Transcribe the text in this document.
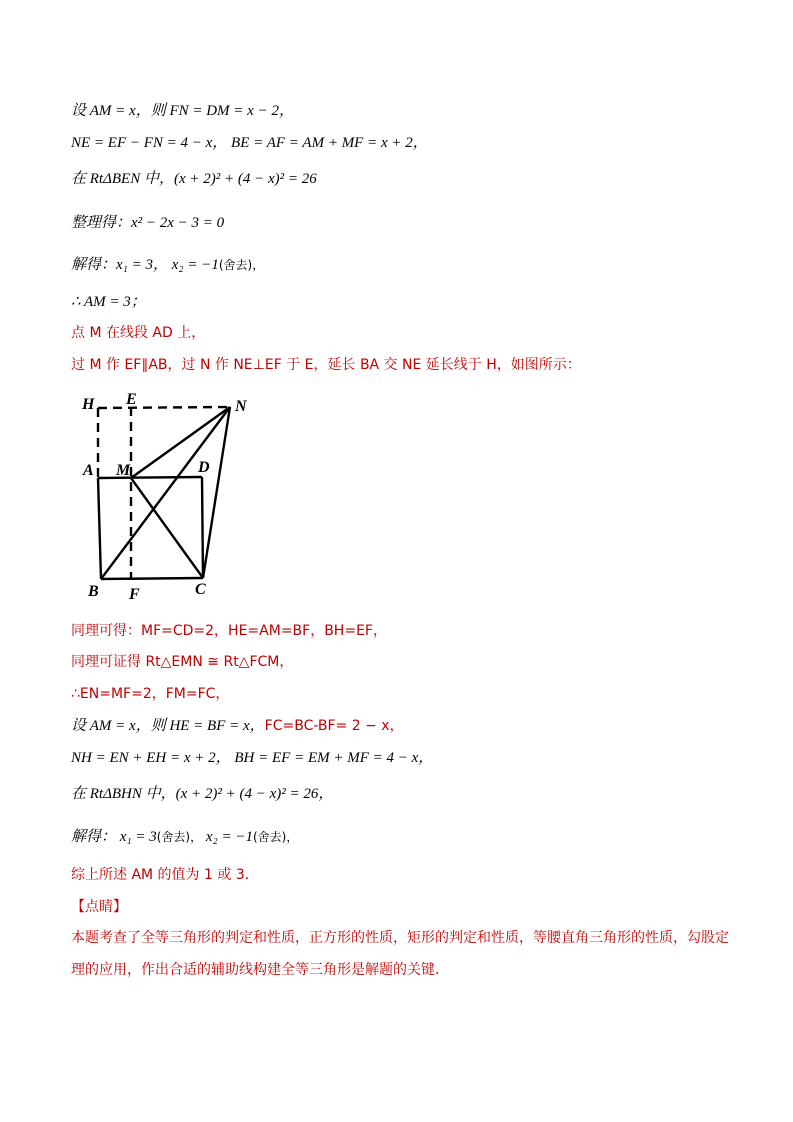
设 AM = x，则 FN = DM = x − 2，
NE = EF − FN = 4 − x， BE = AF = AM + MF = x + 2，
在 RtΔBEN 中，(x + 2)² + (4 − x)² = 26
整理得：x² − 2x − 3 = 0
解得：x₁ = 3， x₂ = −1(舍去)，
∴ AM = 3；
点 M 在线段 AD 上，
过 M 作 EF∥AB，过 N 作 NE⊥EF 于 E，延长 BA 交 NE 延长线于 H，如图所示：
H E	N
A M	D
B	C
F
同理可得：MF=CD=2，HE=AM=BF，BH=EF，
同理可证得 Rt△EMN ≅ Rt△FCM，
∴EN=MF=2，FM=FC，
设 AM = x，则 HE = BF = x，FC=BC-BF= 2 − x，
NH = EN + EH = x + 2， BH = EF = EM + MF = 4 − x，
在 RtΔBHN 中，(x + 2)² + (4 − x)² = 26，
解得： x₁ = 3(舍去)， x₂ = −1(舍去)，
综上所述 AM 的值为 1 或 3．
【点睛】
本题考查了全等三角形的判定和性质，正方形的性质，矩形的判定和性质，等腰直角三角形的性质，勾股定理的应用，作出合适的辅助线构建全等三角形是解题的关键．
